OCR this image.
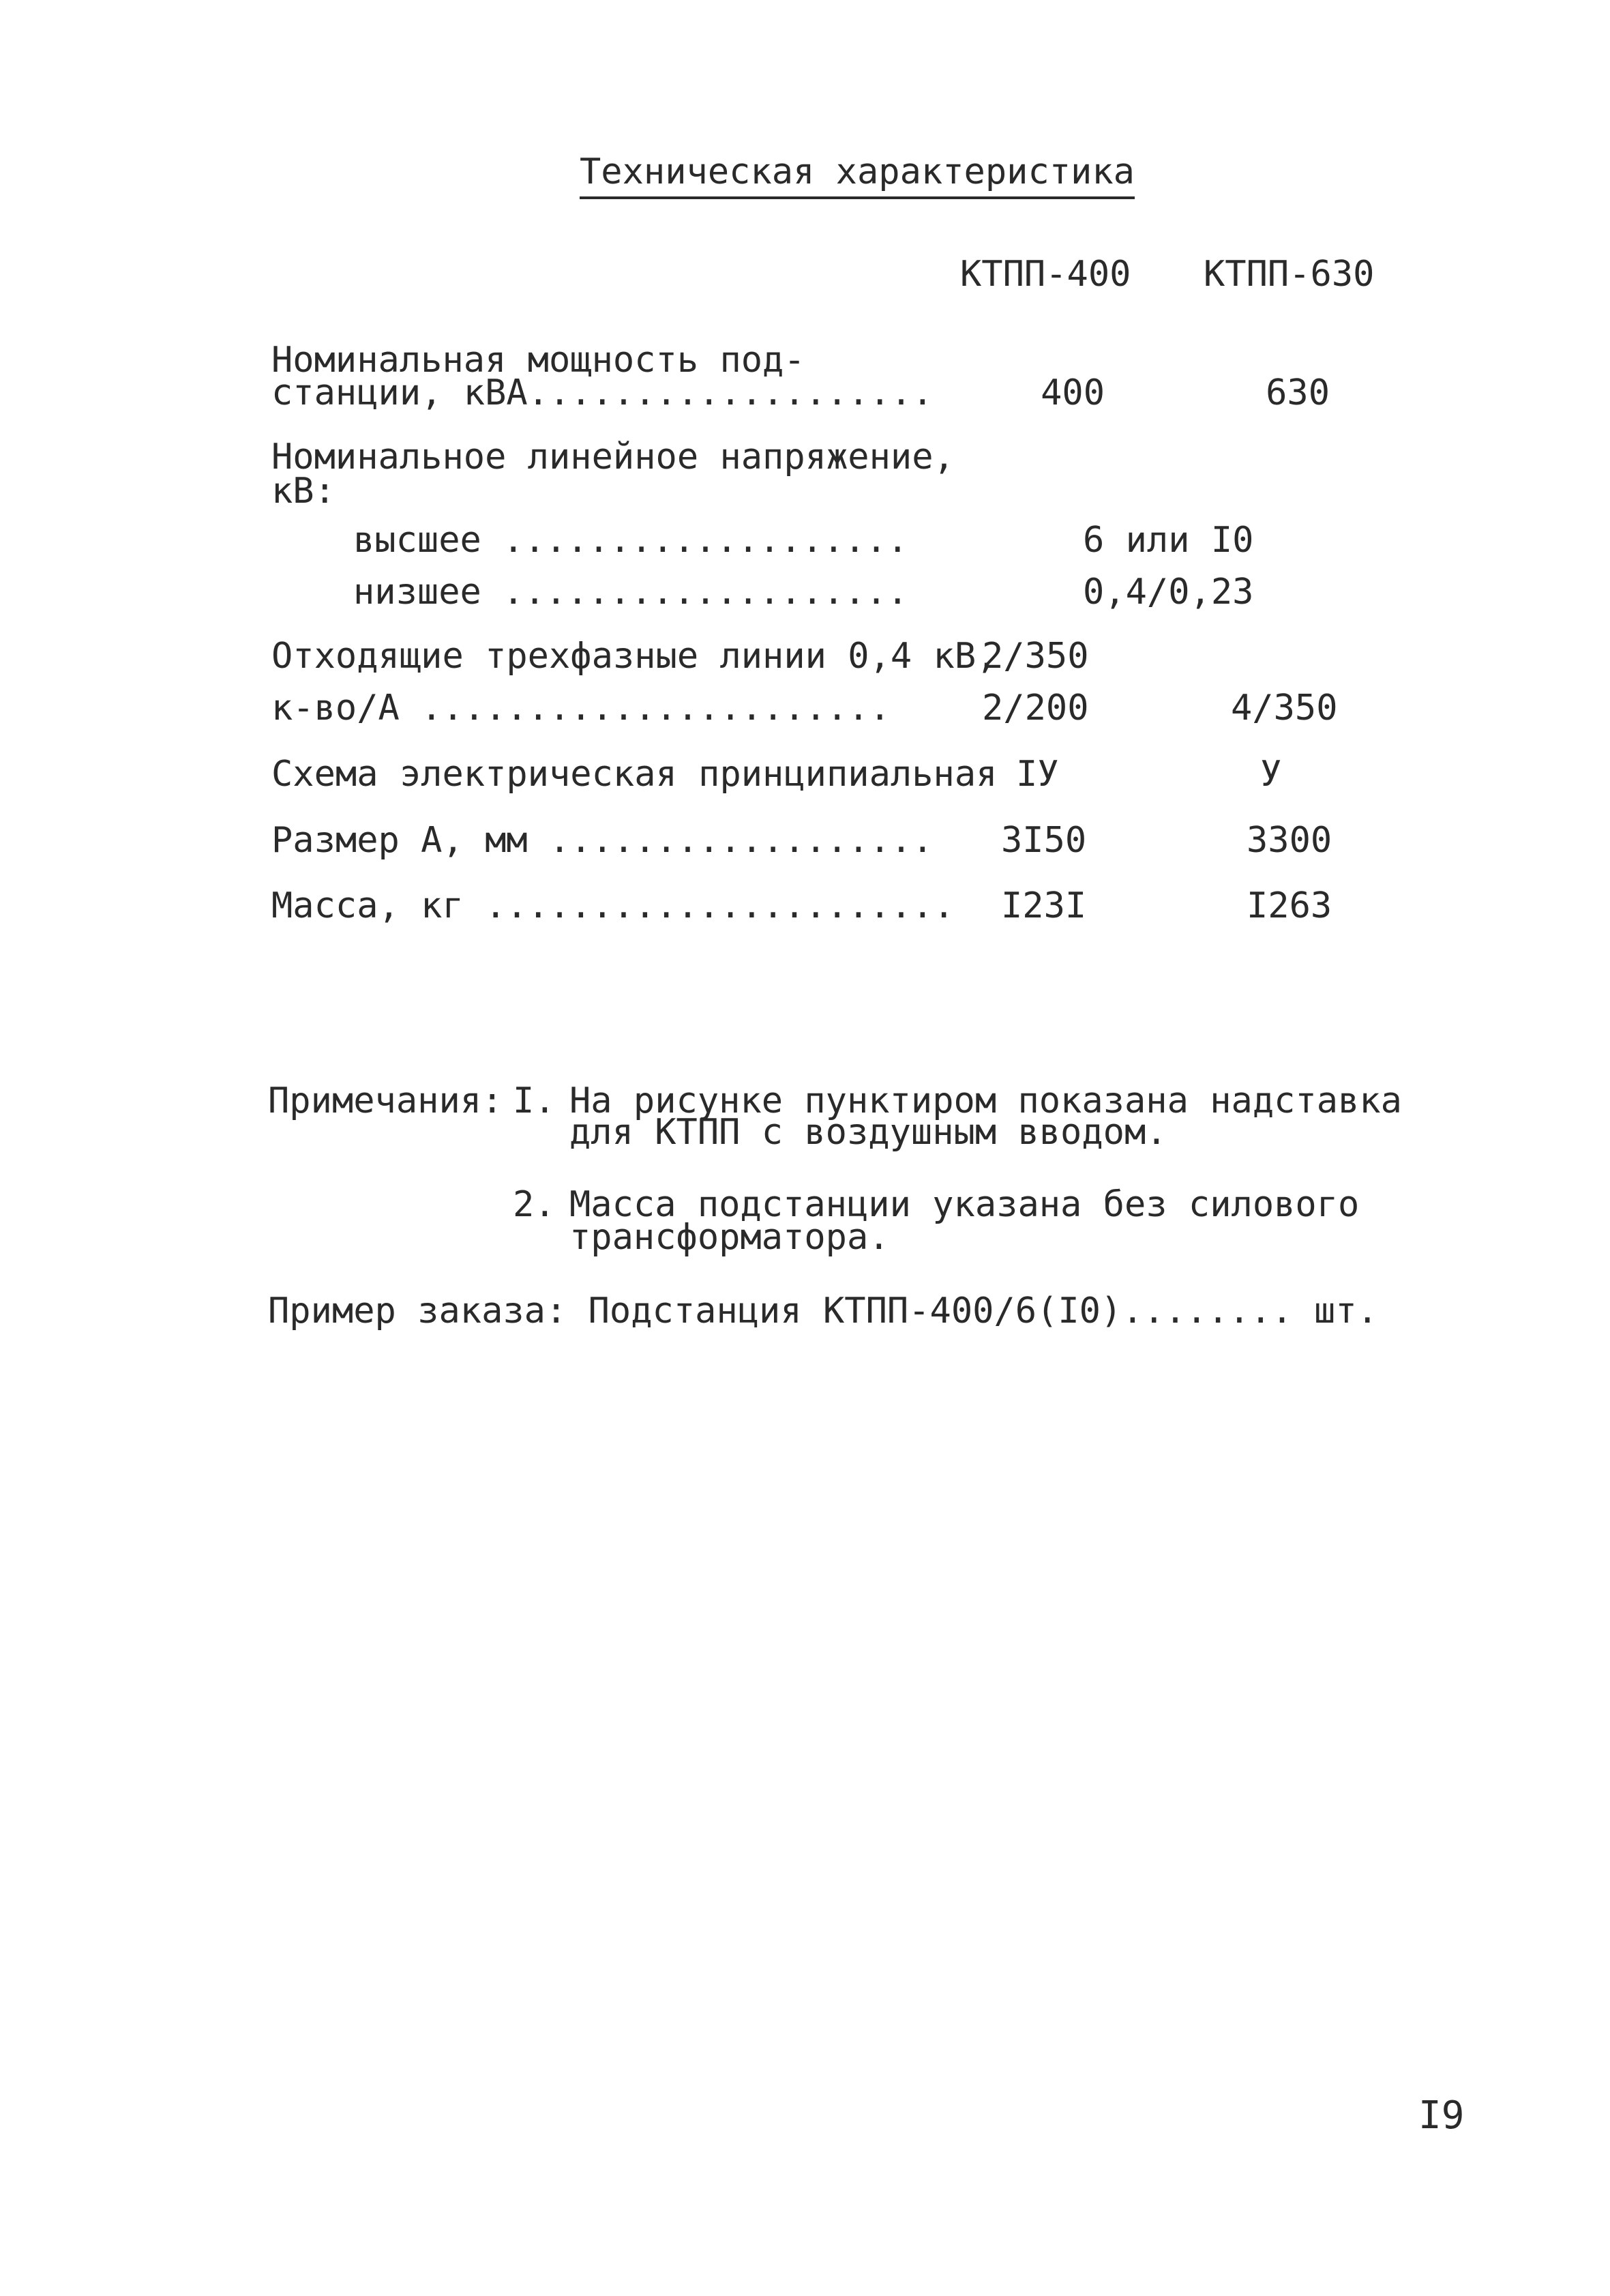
Техническая характеристика
КТПП-400 КТПП-630
Номинальная мощность под-
станции, кВА...................	400	630
Номинальное линейное напряжение,
кВ:
высшее ...................	6 или I0
низшее ...................	0,4/0,23
Отходящие трехфазные линии 0,4 кВ,
2/350
к-во/А ......................	2/200	4/350
Схема электрическая принципиальная IУ	У
Размер А, мм .................. 3I50	3300
Масса, кг ...................... I23I	I263
Примечания: I. На рисунке пунктиром показана надставка
для КТПП с воздушным вводом.
2. Масса подстанции указана без силового
трансформатора.
Пример заказа: Подстанция КТПП-400/6(I0)........ шт.
I9
